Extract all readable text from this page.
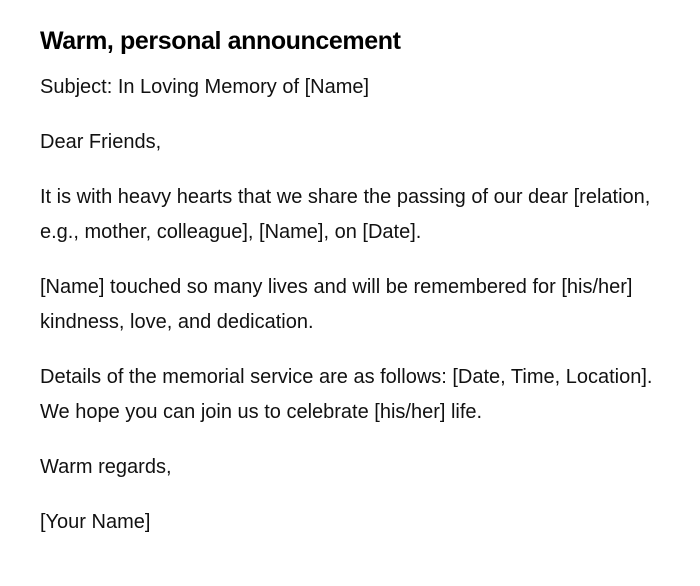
Warm, personal announcement

Subject: In Loving Memory of [Name]

Dear Friends,

It is with heavy hearts that we share the passing of our dear [relation, e.g., mother, colleague], [Name], on [Date].

[Name] touched so many lives and will be remembered for [his/her] kindness, love, and dedication.

Details of the memorial service are as follows: [Date, Time, Location]. We hope you can join us to celebrate [his/her] life.

Warm regards,

[Your Name]
